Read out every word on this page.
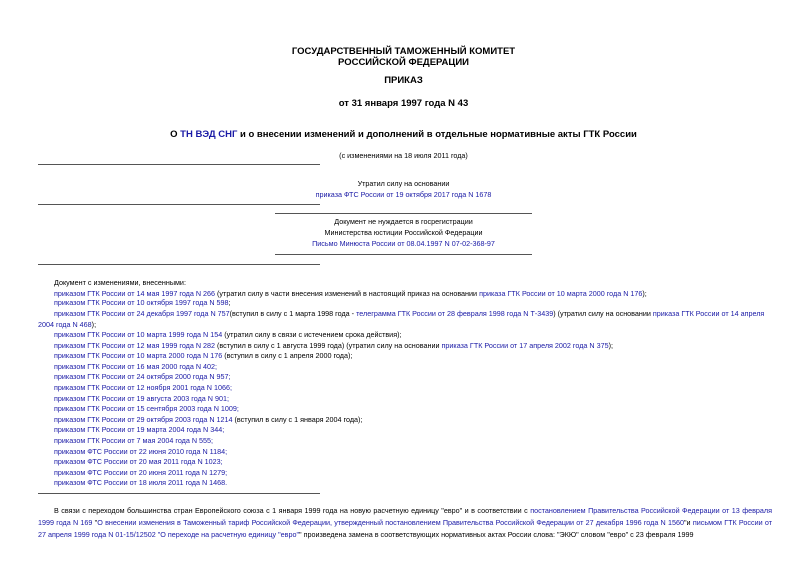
ГОСУДАРСТВЕННЫЙ ТАМОЖЕННЫЙ КОМИТЕТ
РОССИЙСКОЙ ФЕДЕРАЦИИ
ПРИКАЗ
от 31 января 1997 года N 43
О ТН ВЭД СНГ и о внесении изменений и дополнений в отдельные нормативные акты ГТК России
(с изменениями на 18 июля 2011 года)
Утратил силу на основании
приказа ФТС России от 19 октября 2017 года N 1678
Документ не нуждается в госрегистрации
Министерства юстиции Российской Федерации
Письмо Минюста России от 08.04.1997 N 07-02-368-97
Документ с изменениями, внесенными:
приказом ГТК России от 14 мая 1997 года N 266 (утратил силу в части внесения изменений в настоящий приказ на основании приказа ГТК России от 10 марта 2000 года N 176);
приказом ГТК России от 10 октября 1997 года N 598;
приказом ГТК России от 24 декабря 1997 года N 757(вступил в силу с 1 марта 1998 года - телеграмма ГТК России от 28 февраля 1998 года N Т-3439) (утратил силу на основании приказа ГТК России от 14 апреля
2004 года N 468);
приказом ГТК России от 10 марта 1999 года N 154 (утратил силу в связи с истечением срока действия);
приказом ГТК России от 12 мая 1999 года N 282 (вступил в силу с 1 августа 1999 года) (утратил силу на основании приказа ГТК России от 17 апреля 2002 года N 375);
приказом ГТК России от 10 марта 2000 года N 176 (вступил в силу с 1 апреля 2000 года);
приказом ГТК России от 16 мая 2000 года N 402;
приказом ГТК России от 24 октября 2000 года N 957;
приказом ГТК России от 12 ноября 2001 года N 1066;
приказом ГТК России от 19 августа 2003 года N 901;
приказом ГТК России от 15 сентября 2003 года N 1009;
приказом ГТК России от 29 октября 2003 года N 1214 (вступил в силу с 1 января 2004 года);
приказом ГТК России от 19 марта 2004 года N 344;
приказом ГТК России от 7 мая 2004 года N 555;
приказом ФТС России от 22 июня 2010 года N 1184;
приказом ФТС России от 20 мая 2011 года N 1023;
приказом ФТС России от 20 июня 2011 года N 1279;
приказом ФТС России от 18 июля 2011 года N 1468.
В связи с переходом большинства стран Европейского союза с 1 января 1999 года на новую расчетную единицу "евро" и в соответствии с постановлением Правительства Российской Федерации от 13 февраля 1999 года N 169 "О внесении изменения в Таможенный тариф Российской Федерации, утвержденный постановлением Правительства Российской Федерации от 27 декабря 1996 года N 1560"и письмом ГТК России от 27 апреля 1999 года N 01-15/12502 "О переходе на расчетную единицу "евро"" произведена замена в соответствующих нормативных актах России слова: "ЭКЮ" словом "евро" с 23 февраля 1999
